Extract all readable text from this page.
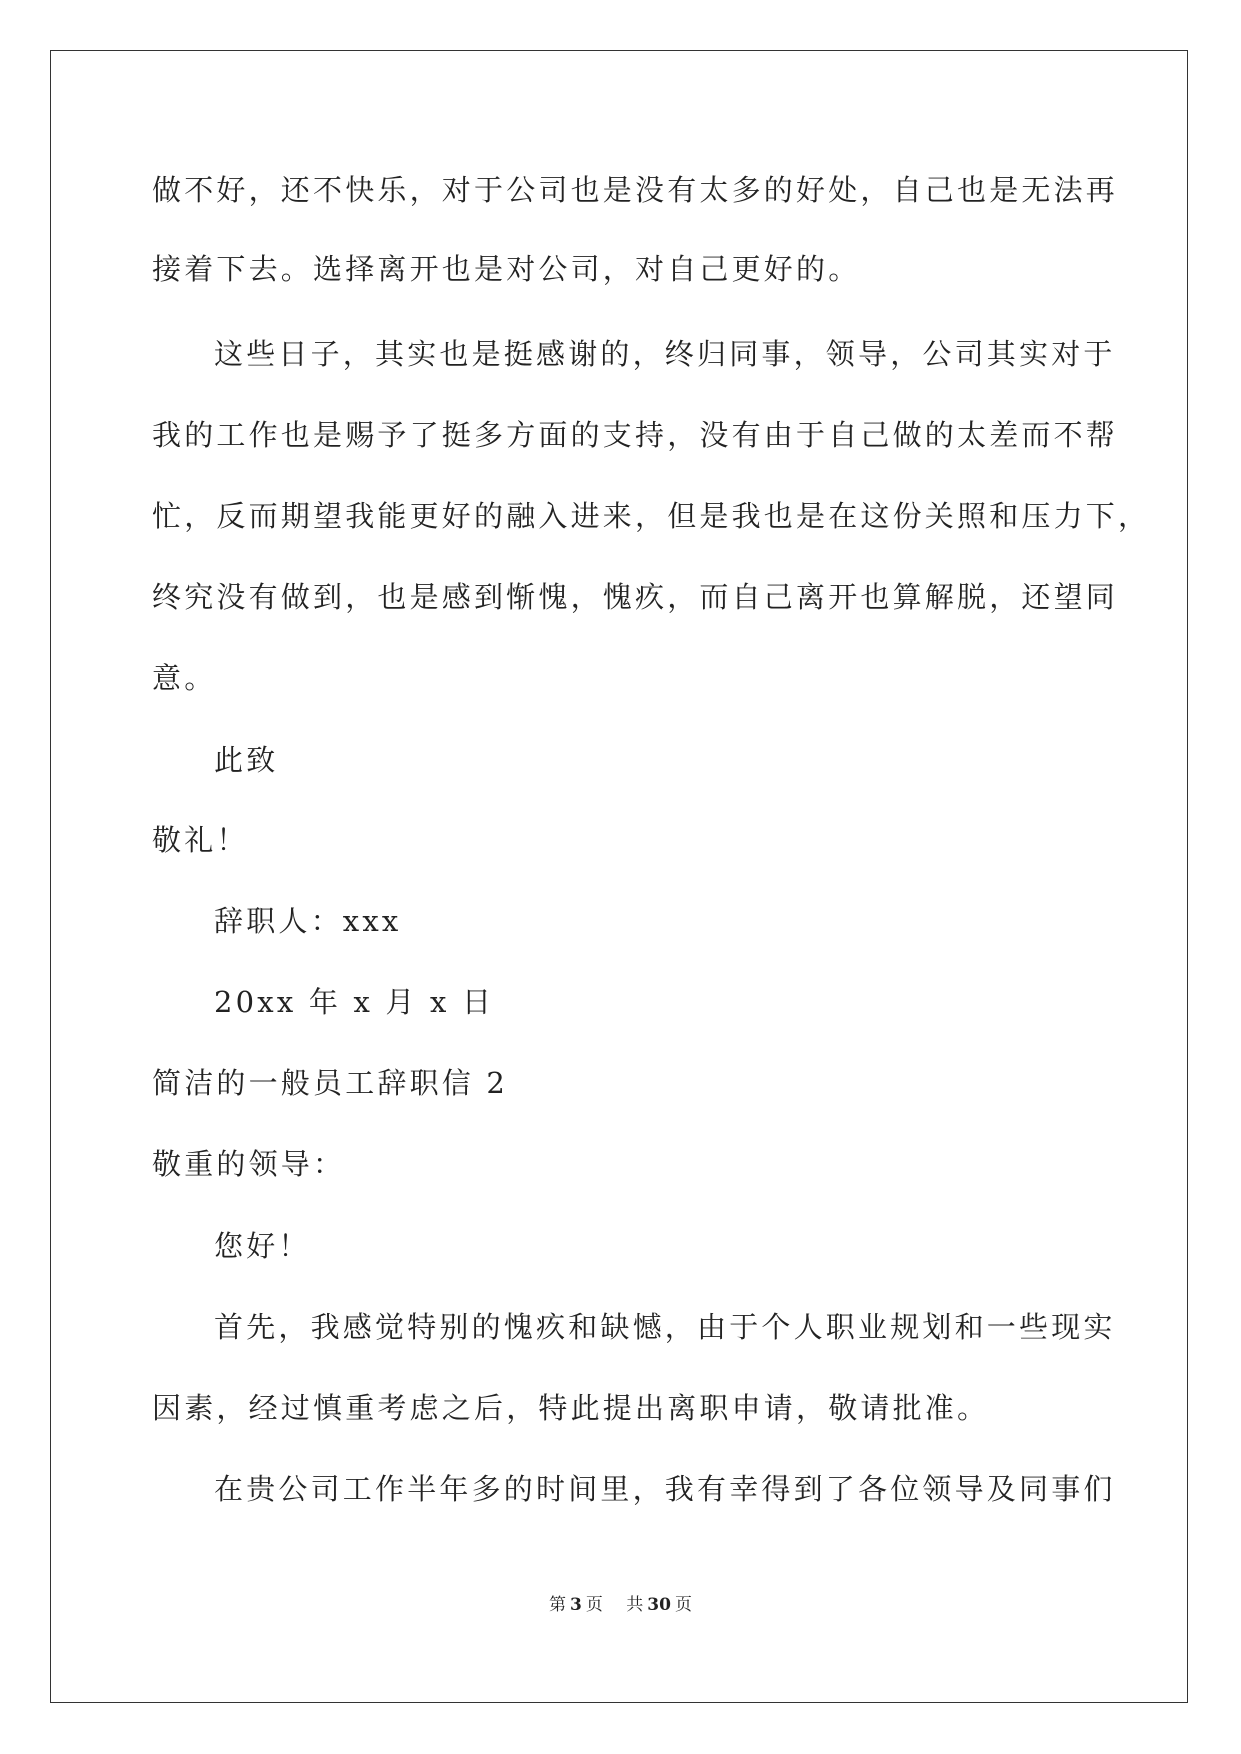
做不好，还不快乐，对于公司也是没有太多的好处，自己也是无法再
接着下去。选择离开也是对公司，对自己更好的。
这些日子，其实也是挺感谢的，终归同事，领导，公司其实对于
我的工作也是赐予了挺多方面的支持，没有由于自己做的太差而不帮
忙，反而期望我能更好的融入进来，但是我也是在这份关照和压力下，
终究没有做到，也是感到惭愧，愧疚，而自己离开也算解脱，还望同
意。
此致
敬礼！
辞职人：xxx
20xx 年 x 月 x 日
简洁的一般员工辞职信 2
敬重的领导：
您好！
首先，我感觉特别的愧疚和缺憾，由于个人职业规划和一些现实
因素，经过慎重考虑之后，特此提出离职申请，敬请批准。
在贵公司工作半年多的时间里，我有幸得到了各位领导及同事们
第 3 页 共 30 页
